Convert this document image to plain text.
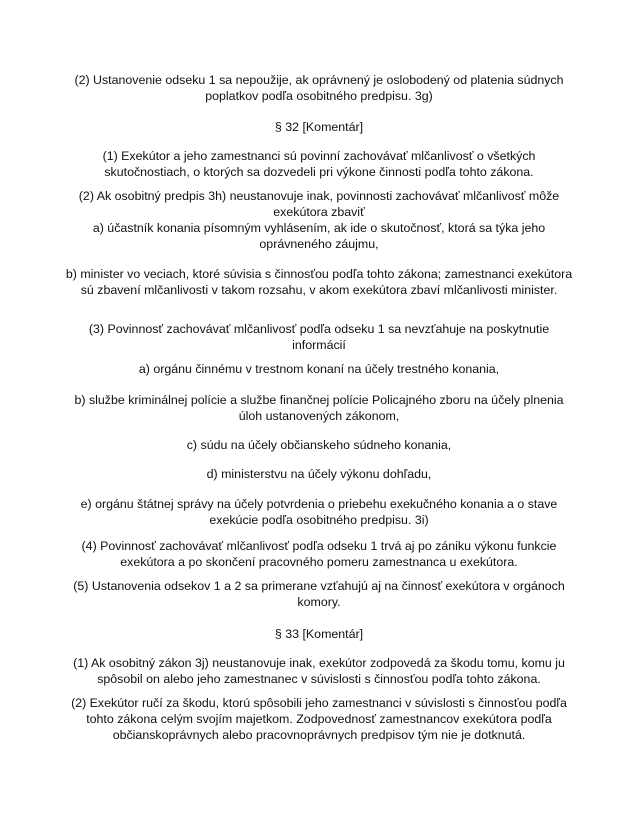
(2) Ustanovenie odseku 1 sa nepoužije, ak oprávnený je oslobodený od platenia súdnych poplatkov podľa osobitného predpisu. 3g)

§ 32 [Komentár]

(1) Exekútor a jeho zamestnanci sú povinní zachovávať mlčanlivosť o všetkých skutočnostiach, o ktorých sa dozvedeli pri výkone činnosti podľa tohto zákona.

(2) Ak osobitný predpis 3h) neustanovuje inak, povinnosti zachovávať mlčanlivosť môže exekútora zbaviť

a) účastník konania písomným vyhlásením, ak ide o skutočnosť, ktorá sa týka jeho oprávneného záujmu,

b) minister vo veciach, ktoré súvisia s činnosťou podľa tohto zákona; zamestnanci exekútora sú zbavení mlčanlivosti v takom rozsahu, v akom exekútora zbaví mlčanlivosti minister.

(3) Povinnosť zachovávať mlčanlivosť podľa odseku 1 sa nevzťahuje na poskytnutie informácií

a) orgánu činnému v trestnom konaní na účely trestného konania,

b) službe kriminálnej polície a službe finančnej polície Policajného zboru na účely plnenia úloh ustanovených zákonom,

c) súdu na účely občianskeho súdneho konania,

d) ministerstvu na účely výkonu dohľadu,

e) orgánu štátnej správy na účely potvrdenia o priebehu exekučného konania a o stave exekúcie podľa osobitného predpisu. 3i)

(4) Povinnosť zachovávať mlčanlivosť podľa odseku 1 trvá aj po zániku výkonu funkcie exekútora a po skončení pracovného pomeru zamestnanca u exekútora.

(5) Ustanovenia odsekov 1 a 2 sa primerane vzťahujú aj na činnosť exekútora v orgánoch komory.

§ 33 [Komentár]

(1) Ak osobitný zákon 3j) neustanovuje inak, exekútor zodpovedá za škodu tomu, komu ju spôsobil on alebo jeho zamestnanec v súvislosti s činnosťou podľa tohto zákona.

(2) Exekútor ručí za škodu, ktorú spôsobili jeho zamestnanci v súvislosti s činnosťou podľa tohto zákona celým svojím majetkom. Zodpovednosť zamestnancov exekútora podľa občianskoprávnych alebo pracovnoprávnych predpisov tým nie je dotknutá.
